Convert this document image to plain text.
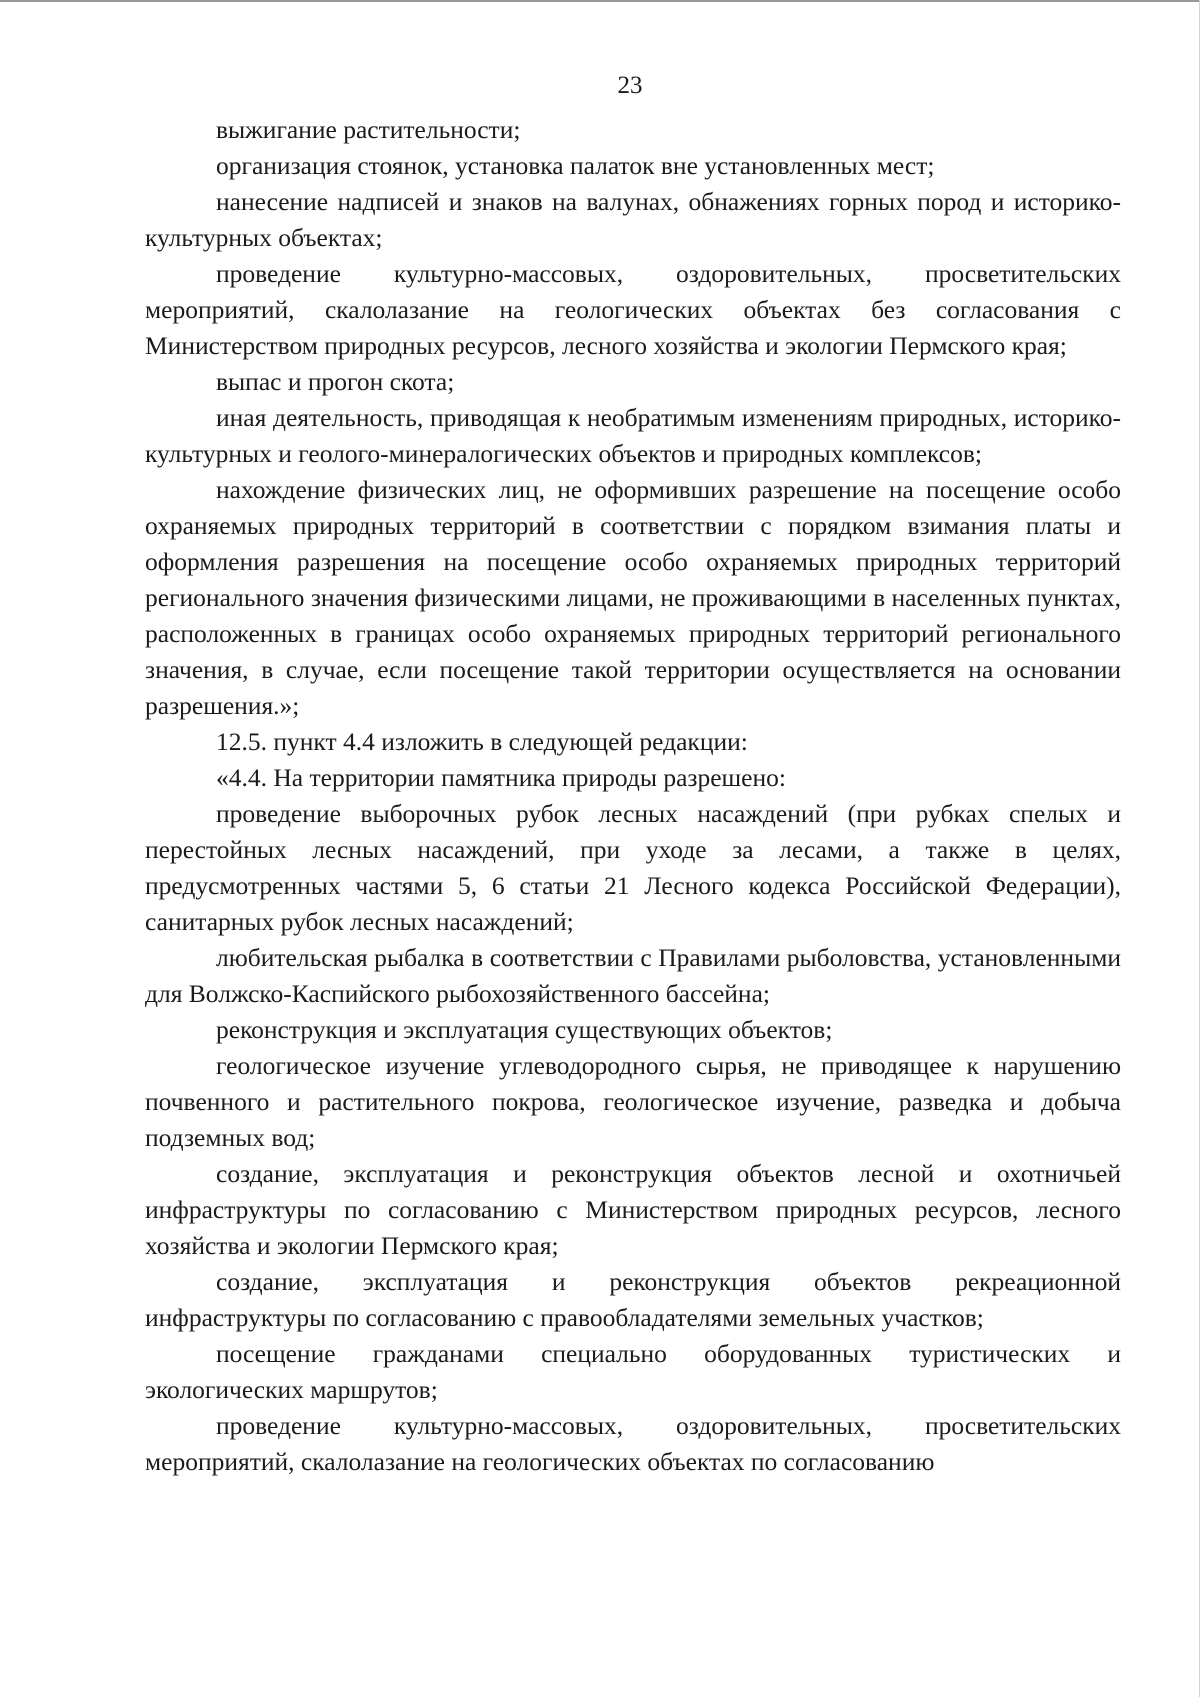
23

выжигание растительности;

организация стоянок, установка палаток вне установленных мест;

нанесение надписей и знаков на валунах, обнажениях горных пород и историко-культурных объектах;

проведение культурно-массовых, оздоровительных, просветительских мероприятий, скалолазание на геологических объектах без согласования с Министерством природных ресурсов, лесного хозяйства и экологии Пермского края;

выпас и прогон скота;

иная деятельность, приводящая к необратимым изменениям природных, историко-культурных и геолого-минералогических объектов и природных комплексов;

нахождение физических лиц, не оформивших разрешение на посещение особо охраняемых природных территорий в соответствии с порядком взимания платы и оформления разрешения на посещение особо охраняемых природных территорий регионального значения физическими лицами, не проживающими в населенных пунктах, расположенных в границах особо охраняемых природных территорий регионального значения, в случае, если посещение такой территории осуществляется на основании разрешения.»;

12.5. пункт 4.4 изложить в следующей редакции:

«4.4. На территории памятника природы разрешено:

проведение выборочных рубок лесных насаждений (при рубках спелых и перестойных лесных насаждений, при уходе за лесами, а также в целях, предусмотренных частями 5, 6 статьи 21 Лесного кодекса Российской Федерации), санитарных рубок лесных насаждений;

любительская рыбалка в соответствии с Правилами рыболовства, установленными для Волжско-Каспийского рыбохозяйственного бассейна;

реконструкция и эксплуатация существующих объектов;

геологическое изучение углеводородного сырья, не приводящее к нарушению почвенного и растительного покрова, геологическое изучение, разведка и добыча подземных вод;

создание, эксплуатация и реконструкция объектов лесной и охотничьей инфраструктуры по согласованию с Министерством природных ресурсов, лесного хозяйства и экологии Пермского края;

создание, эксплуатация и реконструкция объектов рекреационной инфраструктуры по согласованию с правообладателями земельных участков;

посещение гражданами специально оборудованных туристических и экологических маршрутов;

проведение культурно-массовых, оздоровительных, просветительских мероприятий, скалолазание на геологических объектах по согласованию
